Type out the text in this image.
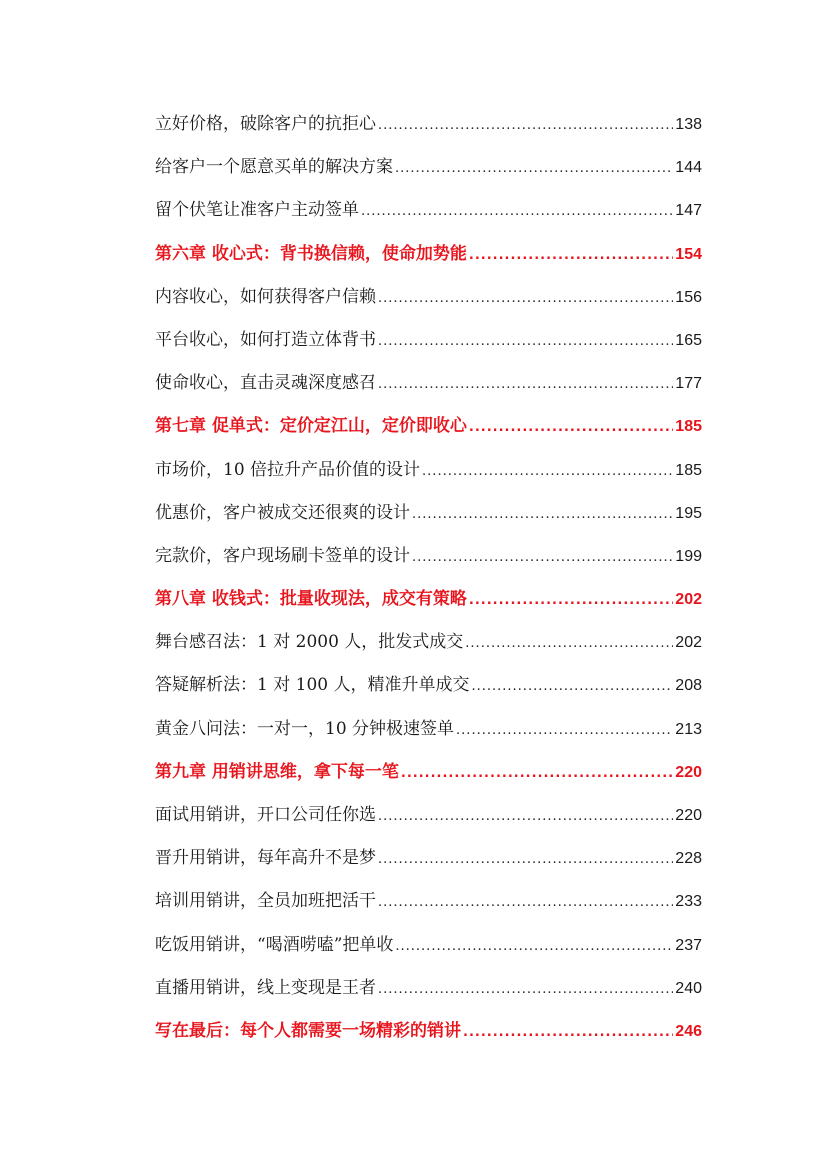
立好价格，破除客户的抗拒心 .....	138
给客户一个愿意买单的解决方案 .....	144
留个伏笔让准客户主动签单 .....	147
第六章 收心式：背书换信赖，使命加势能 .....	154
内容收心，如何获得客户信赖 .....	156
平台收心，如何打造立体背书 .....	165
使命收心，直击灵魂深度感召 .....	177
第七章 促单式：定价定江山，定价即收心 .....	185
市场价，10 倍拉升产品价值的设计 .....	185
优惠价，客户被成交还很爽的设计 .....	195
完款价，客户现场刷卡签单的设计 .....	199
第八章 收钱式：批量收现法，成交有策略 .....	202
舞台感召法：1 对 2000 人，批发式成交 .....	202
答疑解析法：1 对 100 人，精准升单成交 .....	208
黄金八问法：一对一，10 分钟极速签单 .....	213
第九章 用销讲思维，拿下每一笔 .....	220
面试用销讲，开口公司任你选 .....	220
晋升用销讲，每年高升不是梦 .....	228
培训用销讲，全员加班把活干 .....	233
吃饭用销讲，“喝酒唠嗑”把单收 .....	237
直播用销讲，线上变现是王者 .....	240
写在最后：每个人都需要一场精彩的销讲 .....	246
